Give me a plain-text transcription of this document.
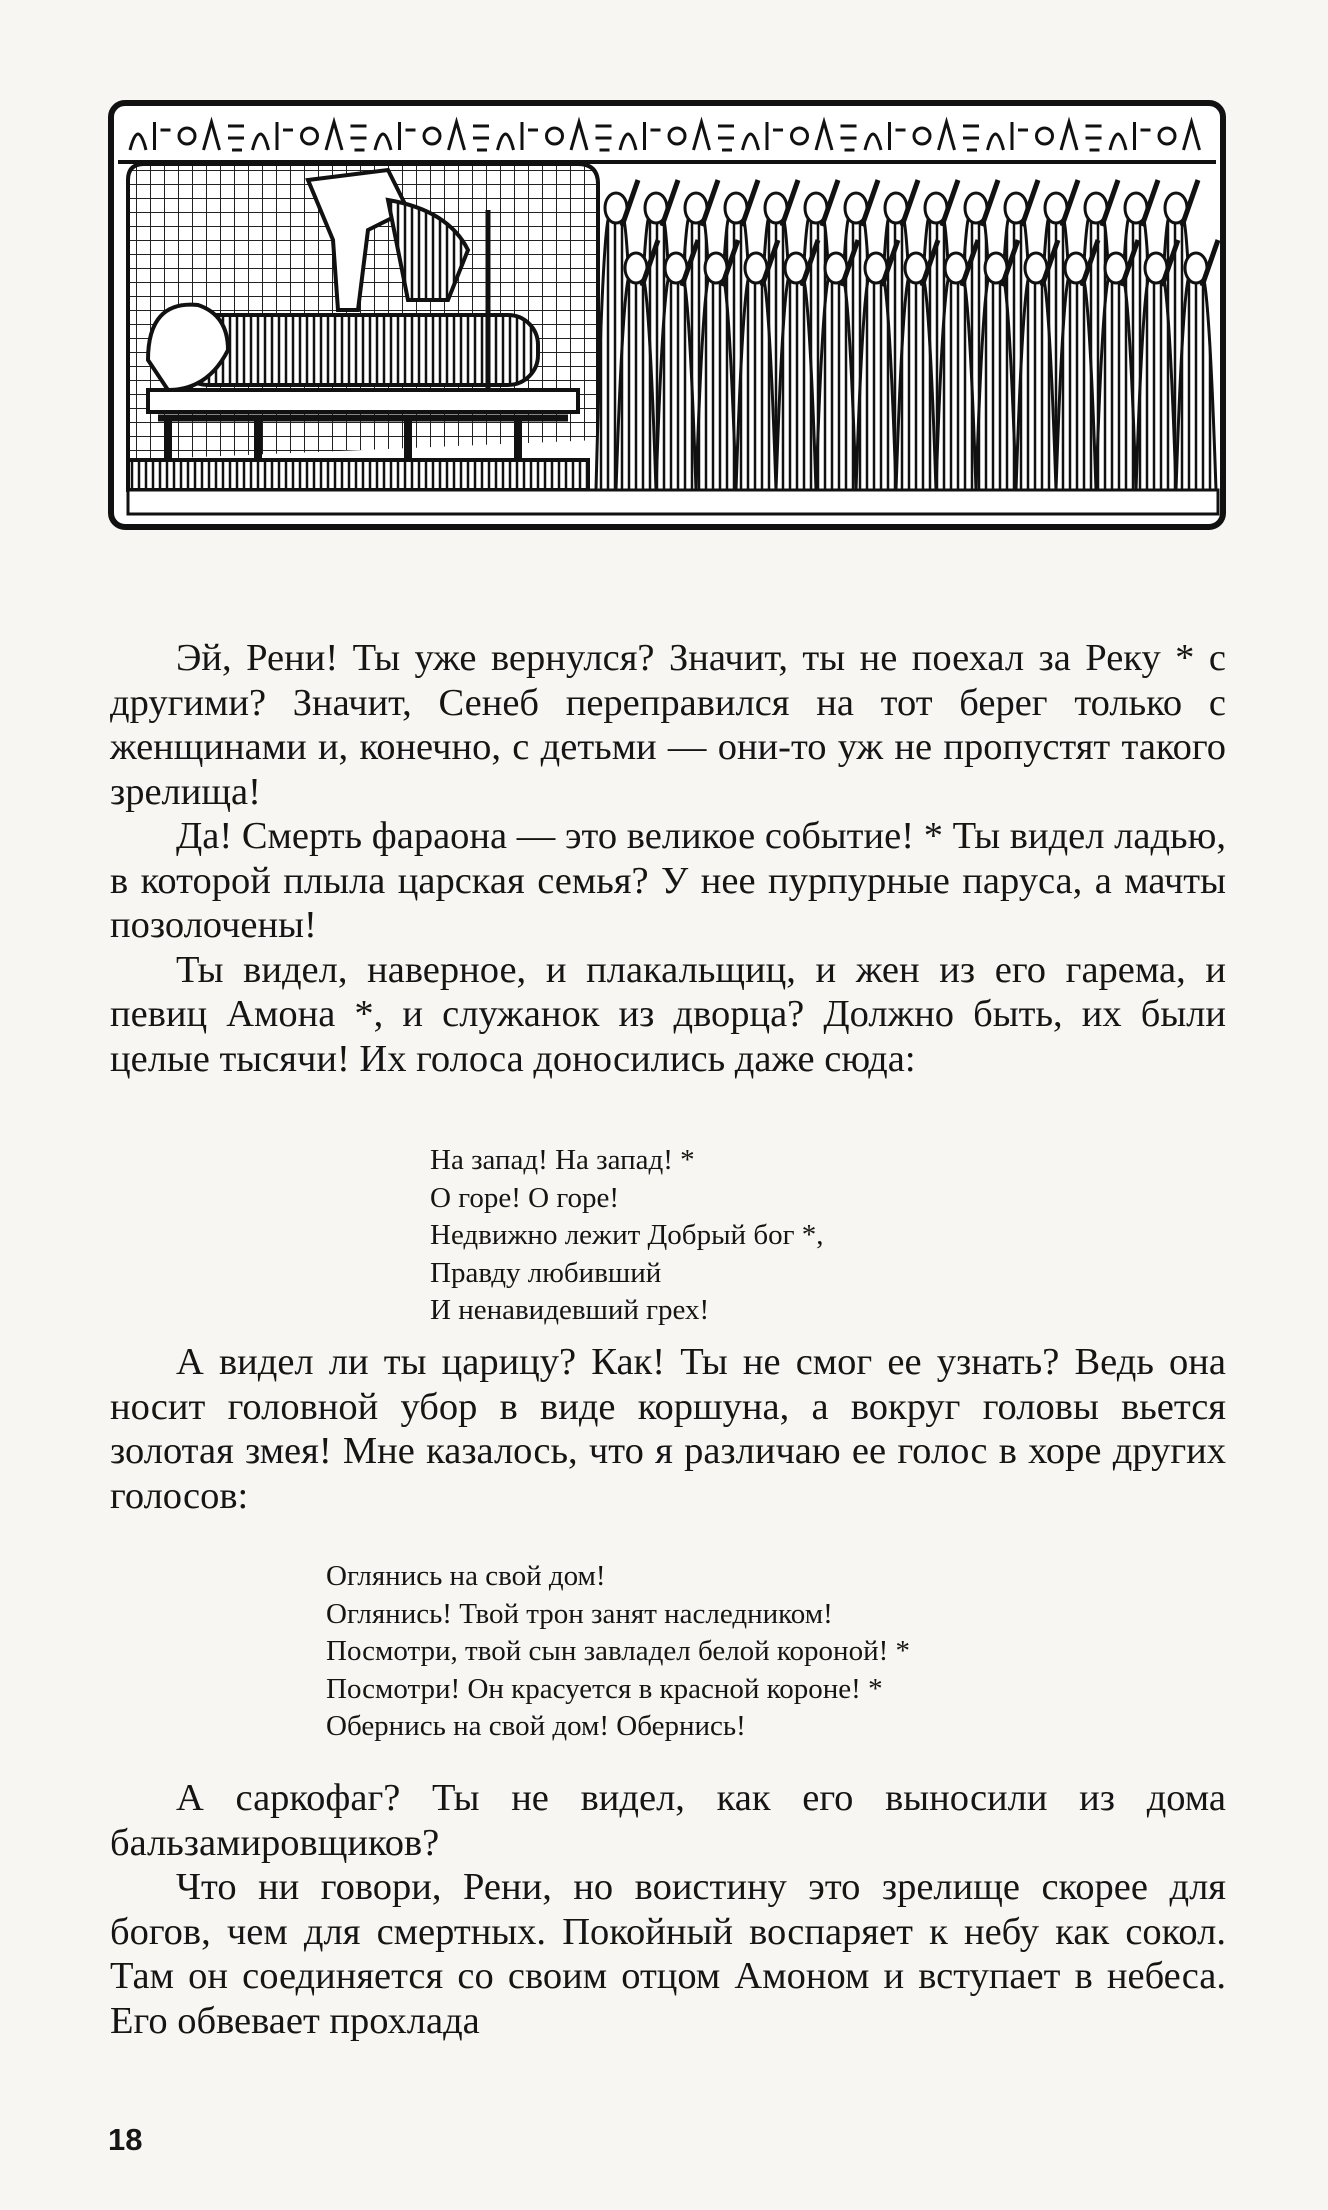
Эй, Рени! Ты уже вернулся? Значит, ты не поехал за Реку * с другими? Значит, Сенеб переправился на тот берег только с женщинами и, конечно, с детьми — они-то уж не пропустят такого зрелища!

Да! Смерть фараона — это великое событие! * Ты видел ладью, в которой плыла царская семья? У нее пурпурные паруса, а мачты позолочены!

Ты видел, наверное, и плакальщиц, и жен из его гарема, и певиц Амона *, и служанок из дворца? Должно быть, их были целые тысячи! Их голоса доносились даже сюда:

На запад! На запад! *
О горе! О горе!
Недвижно лежит Добрый бог *,
Правду любивший
И ненавидевший грех!

А видел ли ты царицу? Как! Ты не смог ее узнать? Ведь она носит головной убор в виде коршуна, а вокруг головы вьется золотая змея! Мне казалось, что я различаю ее голос в хоре других голосов:

Оглянись на свой дом!
Оглянись! Твой трон занят наследником!
Посмотри, твой сын завладел белой короной! *
Посмотри! Он красуется в красной короне! *
Обернись на свой дом! Обернись!

А саркофаг? Ты не видел, как его выносили из дома бальзамировщиков?

Что ни говори, Рени, но воистину это зрелище скорее для богов, чем для смертных. Покойный воспаряет к небу как сокол. Там он соединяется со своим отцом Амоном и вступает в небеса. Его обвевает прохлада

18
